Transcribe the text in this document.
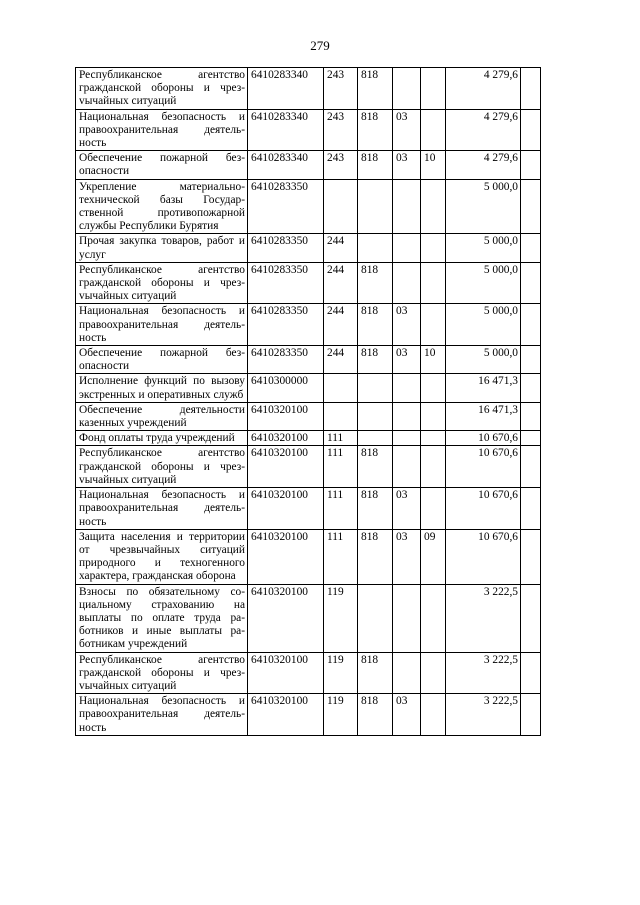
279
Республиканское агентство гражданской обороны и чрезvычайных ситуаций	6410283340	243	818			4 279,6	
Национальная безопасность и правоохранительная деятельность	6410283340	243	818	03		4 279,6	
Обеспечение пожарной безопасности	6410283340	243	818	03	10	4 279,6	
Укрепление материально-технической базы Государственной противопожарной службы Республики Бурятия	6410283350					5 000,0	
Прочая закупка товаров, работ и услуг	6410283350	244				5 000,0	
Республиканское агентство гражданской обороны и чрезvычайных ситуаций	6410283350	244	818			5 000,0	
Национальная безопасность и правоохранительная деятельность	6410283350	244	818	03		5 000,0	
Обеспечение пожарной безопасности	6410283350	244	818	03	10	5 000,0	
Исполнение функций по вызову экстренных и оперативных служб	6410300000					16 471,3	
Обеспечение деятельности казенных учреждений	6410320100					16 471,3	
Фонд оплаты труда учреждений	6410320100	111				10 670,6	
Республиканское агентство гражданской обороны и чрезvычайных ситуаций	6410320100	111	818			10 670,6	
Национальная безопасность и правоохранительная деятельность	6410320100	111	818	03		10 670,6	
Защита населения и территории от чрезвычайных ситуаций природного и техногенного характера, гражданская оборона	6410320100	111	818	03	09	10 670,6	
Взносы по обязательному социальному страхованию на выплаты по оплате труда работников и иные выплаты работникам учреждений	6410320100	119				3 222,5	
Республиканское агентство гражданской обороны и чрезvычайных ситуаций	6410320100	119	818			3 222,5	
Национальная безопасность и правоохранительная деятельность	6410320100	119	818	03		3 222,5	
